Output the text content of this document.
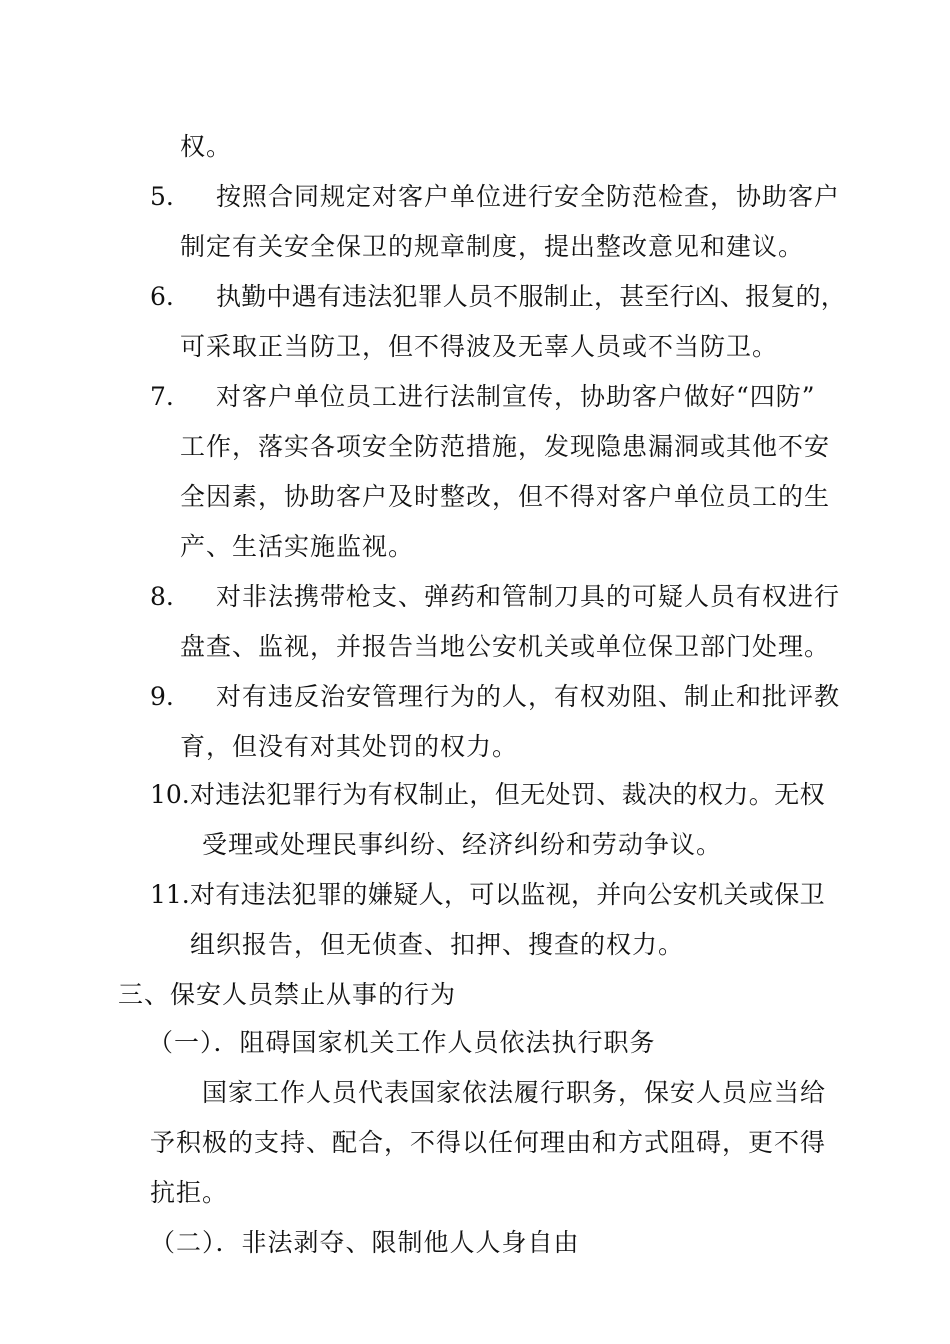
权。
5. 按照合同规定对客户单位进行安全防范检查，协助客户
制定有关安全保卫的规章制度，提出整改意见和建议。
6. 执勤中遇有违法犯罪人员不服制止，甚至行凶、报复的，
可采取正当防卫，但不得波及无辜人员或不当防卫。
7. 对客户单位员工进行法制宣传，协助客户做好“四防”
工作，落实各项安全防范措施，发现隐患漏洞或其他不安
全因素，协助客户及时整改，但不得对客户单位员工的生
产、生活实施监视。
8. 对非法携带枪支、弹药和管制刀具的可疑人员有权进行
盘查、监视，并报告当地公安机关或单位保卫部门处理。
9. 对有违反治安管理行为的人，有权劝阻、制止和批评教
育，但没有对其处罚的权力。
10. 对违法犯罪行为有权制止，但无处罚、裁决的权力。无权
受理或处理民事纠纷、经济纠纷和劳动争议。
11. 对有违法犯罪的嫌疑人，可以监视，并向公安机关或保卫
组织报告，但无侦查、扣押、搜查的权力。
三、保安人员禁止从事的行为
（一）．阻碍国家机关工作人员依法执行职务
国家工作人员代表国家依法履行职务，保安人员应当给
予积极的支持、配合，不得以任何理由和方式阻碍，更不得
抗拒。
（二）．非法剥夺、限制他人人身自由
